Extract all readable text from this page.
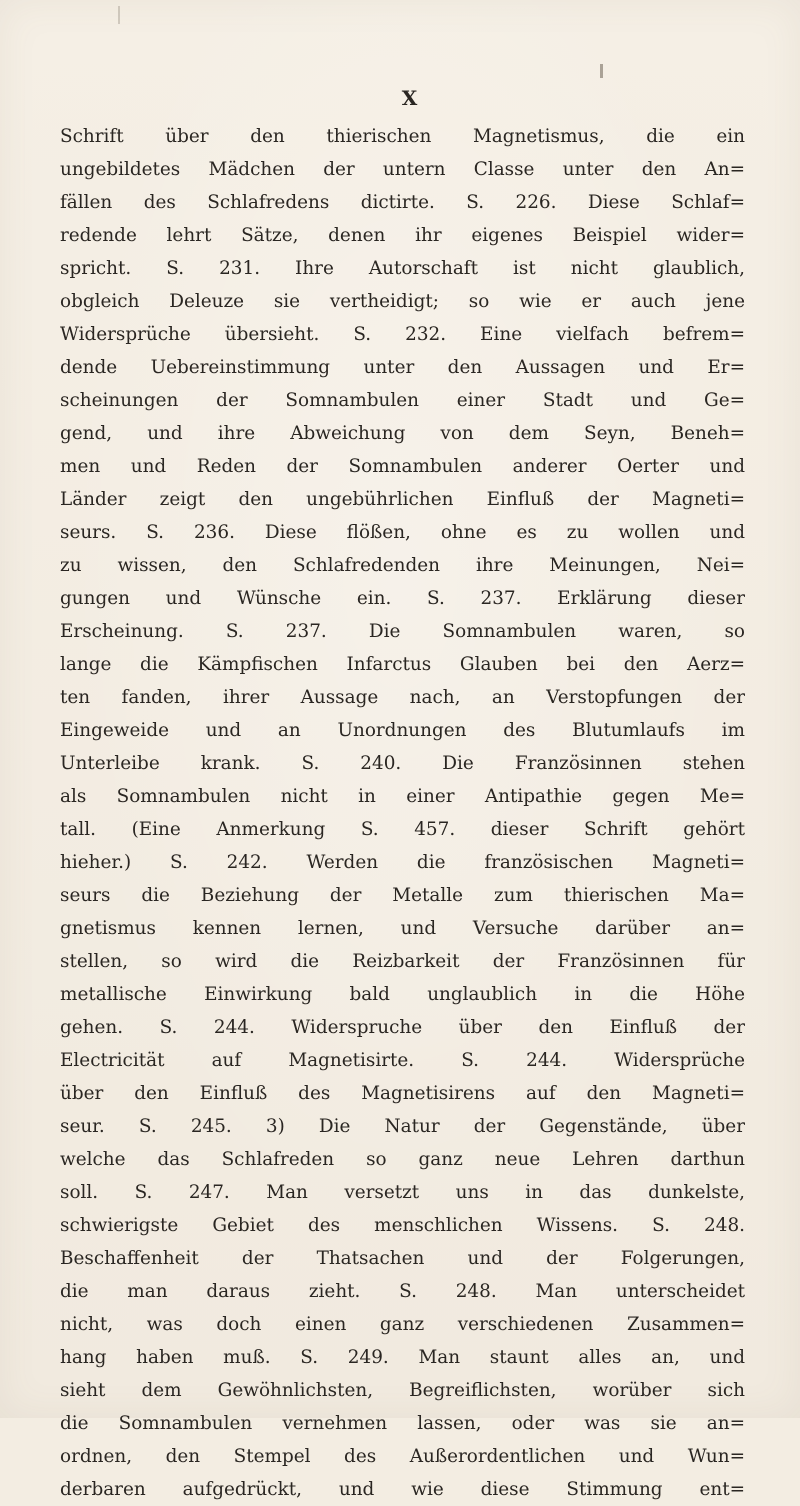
X
Schrift über den thierischen Magnetismus, die ein
ungebildetes Mädchen der untern Classe unter den An=
fällen des Schlafredens dictirte. S. 226. Diese Schlaf=
redende lehrt Sätze, denen ihr eigenes Beispiel wider=
spricht. S. 231. Ihre Autorschaft ist nicht glaublich,
obgleich Deleuze sie vertheidigt; so wie er auch jene
Widersprüche übersieht. S. 232. Eine vielfach befrem=
dende Uebereinstimmung unter den Aussagen und Er=
scheinungen der Somnambulen einer Stadt und Ge=
gend, und ihre Abweichung von dem Seyn, Beneh=
men und Reden der Somnambulen anderer Oerter und
Länder zeigt den ungebührlichen Einfluß der Magneti=
seurs. S. 236. Diese flößen, ohne es zu wollen und
zu wissen, den Schlafredenden ihre Meinungen, Nei=
gungen und Wünsche ein. S. 237. Erklärung dieser
Erscheinung. S. 237. Die Somnambulen waren, so
lange die Kämpfischen Infarctus Glauben bei den Aerz=
ten fanden, ihrer Aussage nach, an Verstopfungen der
Eingeweide und an Unordnungen des Blutumlaufs im
Unterleibe krank. S. 240. Die Französinnen stehen
als Somnambulen nicht in einer Antipathie gegen Me=
tall. (Eine Anmerkung S. 457. dieser Schrift gehört
hieher.) S. 242. Werden die französischen Magneti=
seurs die Beziehung der Metalle zum thierischen Ma=
gnetismus kennen lernen, und Versuche darüber an=
stellen, so wird die Reizbarkeit der Französinnen für
metallische Einwirkung bald unglaublich in die Höhe
gehen. S. 244. Widerspruche über den Einfluß der
Electricität auf Magnetisirte. S. 244. Widersprüche
über den Einfluß des Magnetisirens auf den Magneti=
seur. S. 245. 3) Die Natur der Gegenstände, über
welche das Schlafreden so ganz neue Lehren darthun
soll. S. 247. Man versetzt uns in das dunkelste,
schwierigste Gebiet des menschlichen Wissens. S. 248.
Beschaffenheit der Thatsachen und der Folgerungen,
die man daraus zieht. S. 248. Man unterscheidet
nicht, was doch einen ganz verschiedenen Zusammen=
hang haben muß. S. 249. Man staunt alles an, und
sieht dem Gewöhnlichsten, Begreiflichsten, worüber sich
die Somnambulen vernehmen lassen, oder was sie an=
ordnen, den Stempel des Außerordentlichen und Wun=
derbaren aufgedrückt, und wie diese Stimmung ent=
